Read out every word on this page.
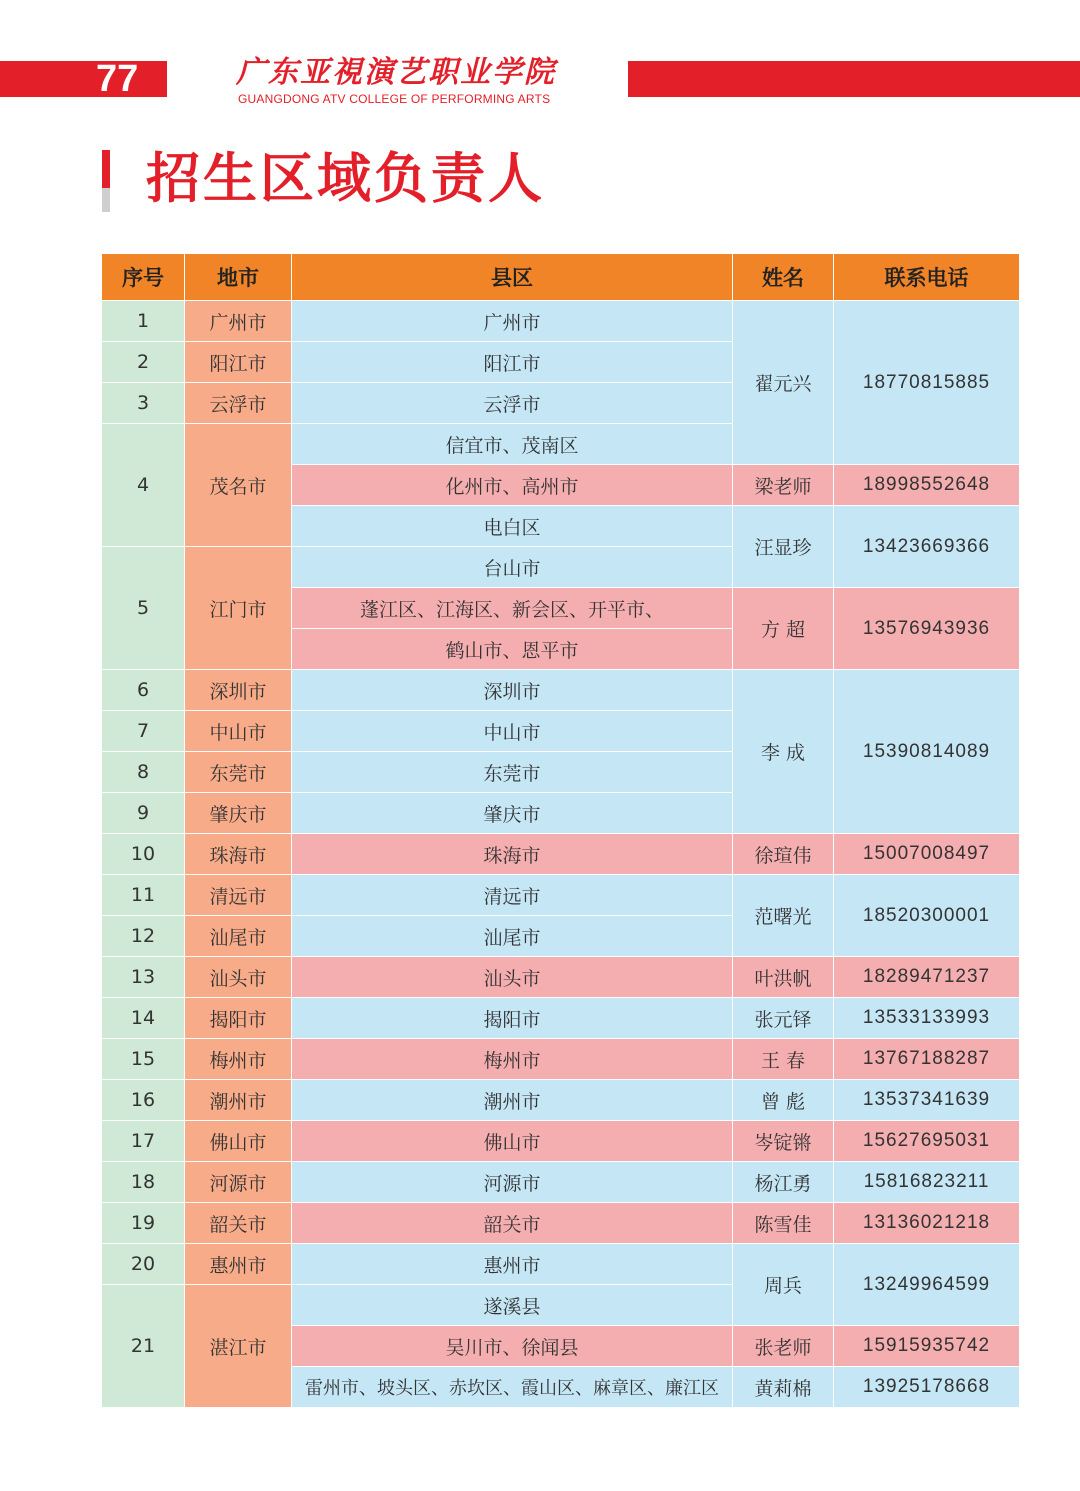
77	广东亚視演艺职业学院
GUANGDONG ATV COLLEGE OF PERFORMING ARTS
招生区域负责人
序号	地市	县区	姓名	联系电话
1	广州市	广州市	翟元兴	18770815885
2	阳江市	阳江市		
3	云浮市	云浮市		
4	茂名市	信宜市、茂南区		
		化州市、高州市	梁老师	18998552648
		电白区	汪显珍	13423669366
5	江门市	台山市		
		蓬江区、江海区、新会区、开平市、	方 超	13576943936
		鹤山市、恩平市		
6	深圳市	深圳市	李 成	15390814089
7	中山市	中山市		
8	东莞市	东莞市		
9	肇庆市	肇庆市		
10	珠海市	珠海市	徐瑄伟	15007008497
11	清远市	清远市	范曙光	18520300001
12	汕尾市	汕尾市		
13	汕头市	汕头市	叶洪帆	18289471237
14	揭阳市	揭阳市	张元铎	13533133993
15	梅州市	梅州市	王 春	13767188287
16	潮州市	潮州市	曾 彪	13537341639
17	佛山市	佛山市	岑锭锵	15627695031
18	河源市	河源市	杨江勇	15816823211
19	韶关市	韶关市	陈雪佳	13136021218
20	惠州市	惠州市	周兵	13249964599
21	湛江市	遂溪县		
		吴川市、徐闻县	张老师	15915935742
		雷州市、坡头区、赤坎区、霞山区、麻章区、廉江区	黄莉棉	13925178668
